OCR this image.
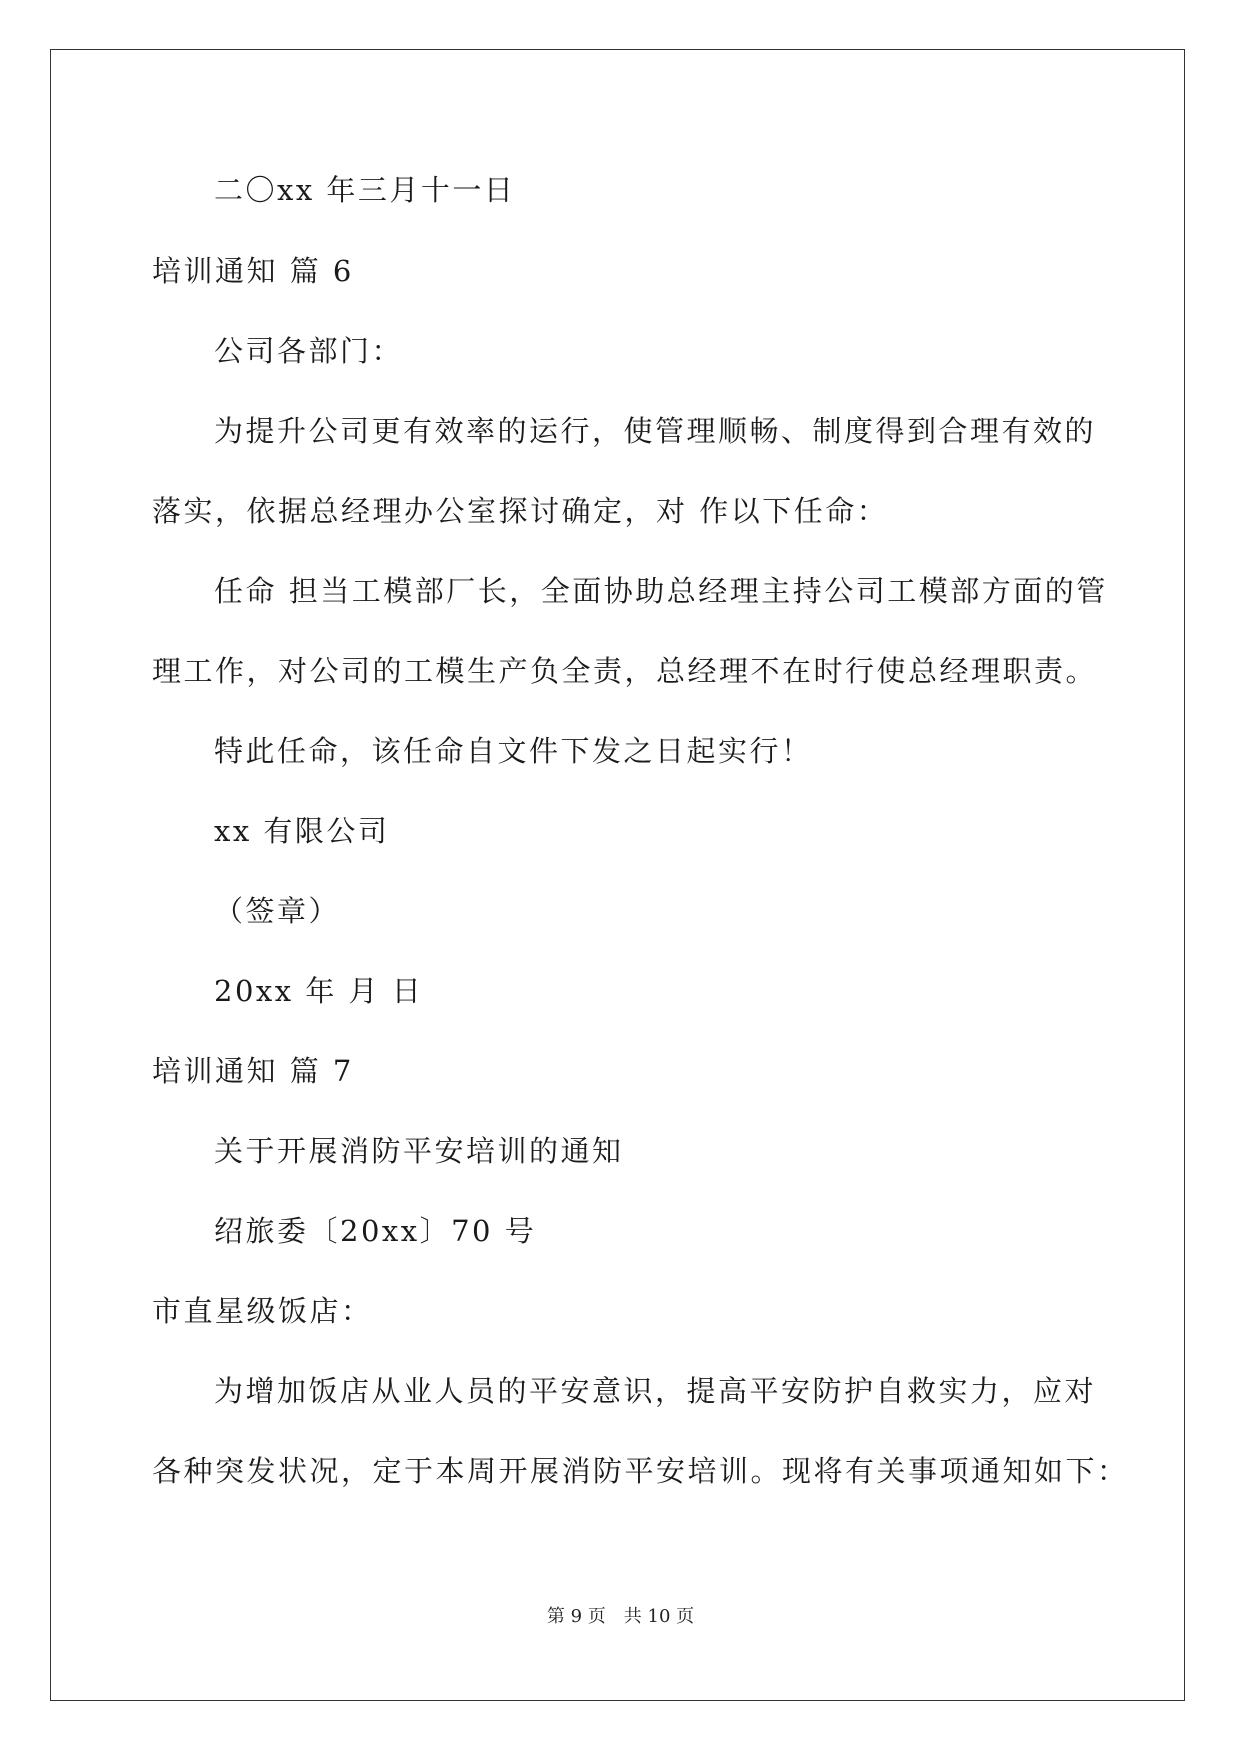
二〇xx 年三月十一日
培训通知 篇 6
公司各部门：
为提升公司更有效率的运行，使管理顺畅、制度得到合理有效的
落实，依据总经理办公室探讨确定，对 作以下任命：
任命 担当工模部厂长，全面协助总经理主持公司工模部方面的管
理工作，对公司的工模生产负全责，总经理不在时行使总经理职责。
特此任命，该任命自文件下发之日起实行！
xx 有限公司
（签章）
20xx 年 月 日
培训通知 篇 7
关于开展消防平安培训的通知
绍旅委〔20xx〕70 号
市直星级饭店：
为增加饭店从业人员的平安意识，提高平安防护自救实力，应对
各种突发状况，定于本周开展消防平安培训。现将有关事项通知如下：
第 9 页　共 10 页
